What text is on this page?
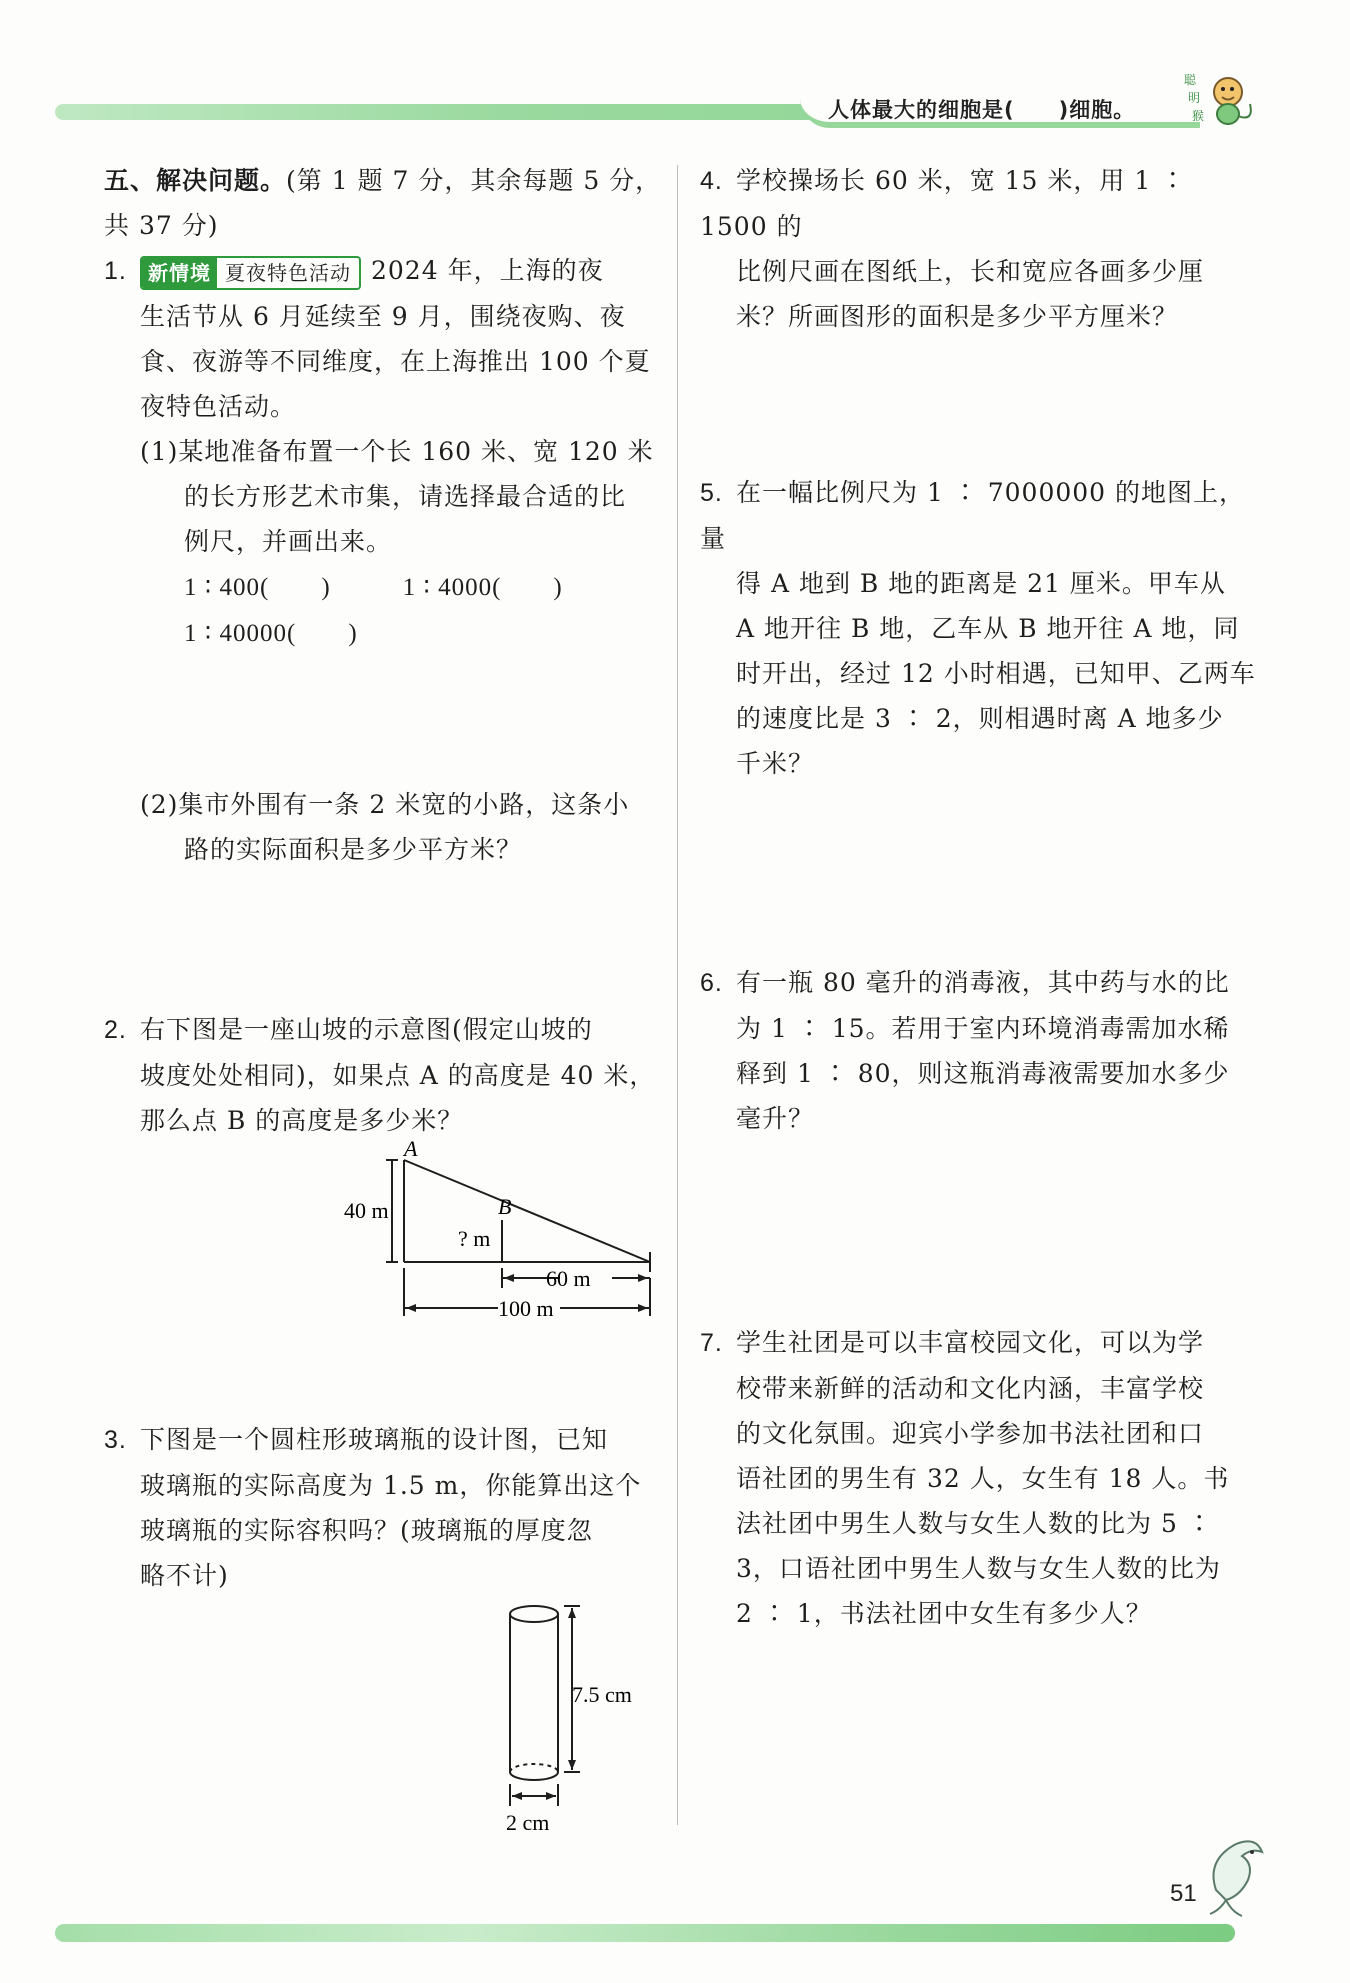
人体最大的细胞是(　　)细胞。
聪
明
猴

五、解决问题。(第 1 题 7 分，其余每题 5 分，

共 37 分)

1.	新情境 夏夜特色活动 2024 年，上海的夜

生活节从 6 月延续至 9 月，围绕夜购、夜

食、夜游等不同维度，在上海推出 100 个夏

夜特色活动。

(1)某地准备布置一个长 160 米、宽 120 米

的长方形艺术市集，请选择最合适的比

例尺，并画出来。

1 ∶ 400(　　)	1 ∶ 4000(　　)

1 ∶ 40000(　　)

(2)集市外围有一条 2 米宽的小路，这条小

路的实际面积是多少平方米？

2. 右下图是一座山坡的示意图(假定山坡的

坡度处处相同)，如果点 A 的高度是 40 米，

那么点 B 的高度是多少米？

A
B
40 m
? m
60 m
100 m

3. 下图是一个圆柱形玻璃瓶的设计图，已知

玻璃瓶的实际高度为 1.5 m，你能算出这个

玻璃瓶的实际容积吗？(玻璃瓶的厚度忽

略不计)

7.5 cm
2 cm

4. 学校操场长 60 米，宽 15 米，用 1 ∶ 1500 的

比例尺画在图纸上，长和宽应各画多少厘

米？所画图形的面积是多少平方厘米？

5. 在一幅比例尺为 1 ∶ 7000000 的地图上，量

得 A 地到 B 地的距离是 21 厘米。甲车从

A 地开往 B 地，乙车从 B 地开往 A 地，同

时开出，经过 12 小时相遇，已知甲、乙两车

的速度比是 3 ∶ 2，则相遇时离 A 地多少

千米？

6. 有一瓶 80 毫升的消毒液，其中药与水的比

为 1 ∶ 15。若用于室内环境消毒需加水稀

释到 1 ∶ 80，则这瓶消毒液需要加水多少

毫升？

7. 学生社团是可以丰富校园文化，可以为学

校带来新鲜的活动和文化内涵，丰富学校

的文化氛围。迎宾小学参加书法社团和口

语社团的男生有 32 人，女生有 18 人。书

法社团中男生人数与女生人数的比为 5 ∶

3，口语社团中男生人数与女生人数的比为

2 ∶ 1，书法社团中女生有多少人？

51
